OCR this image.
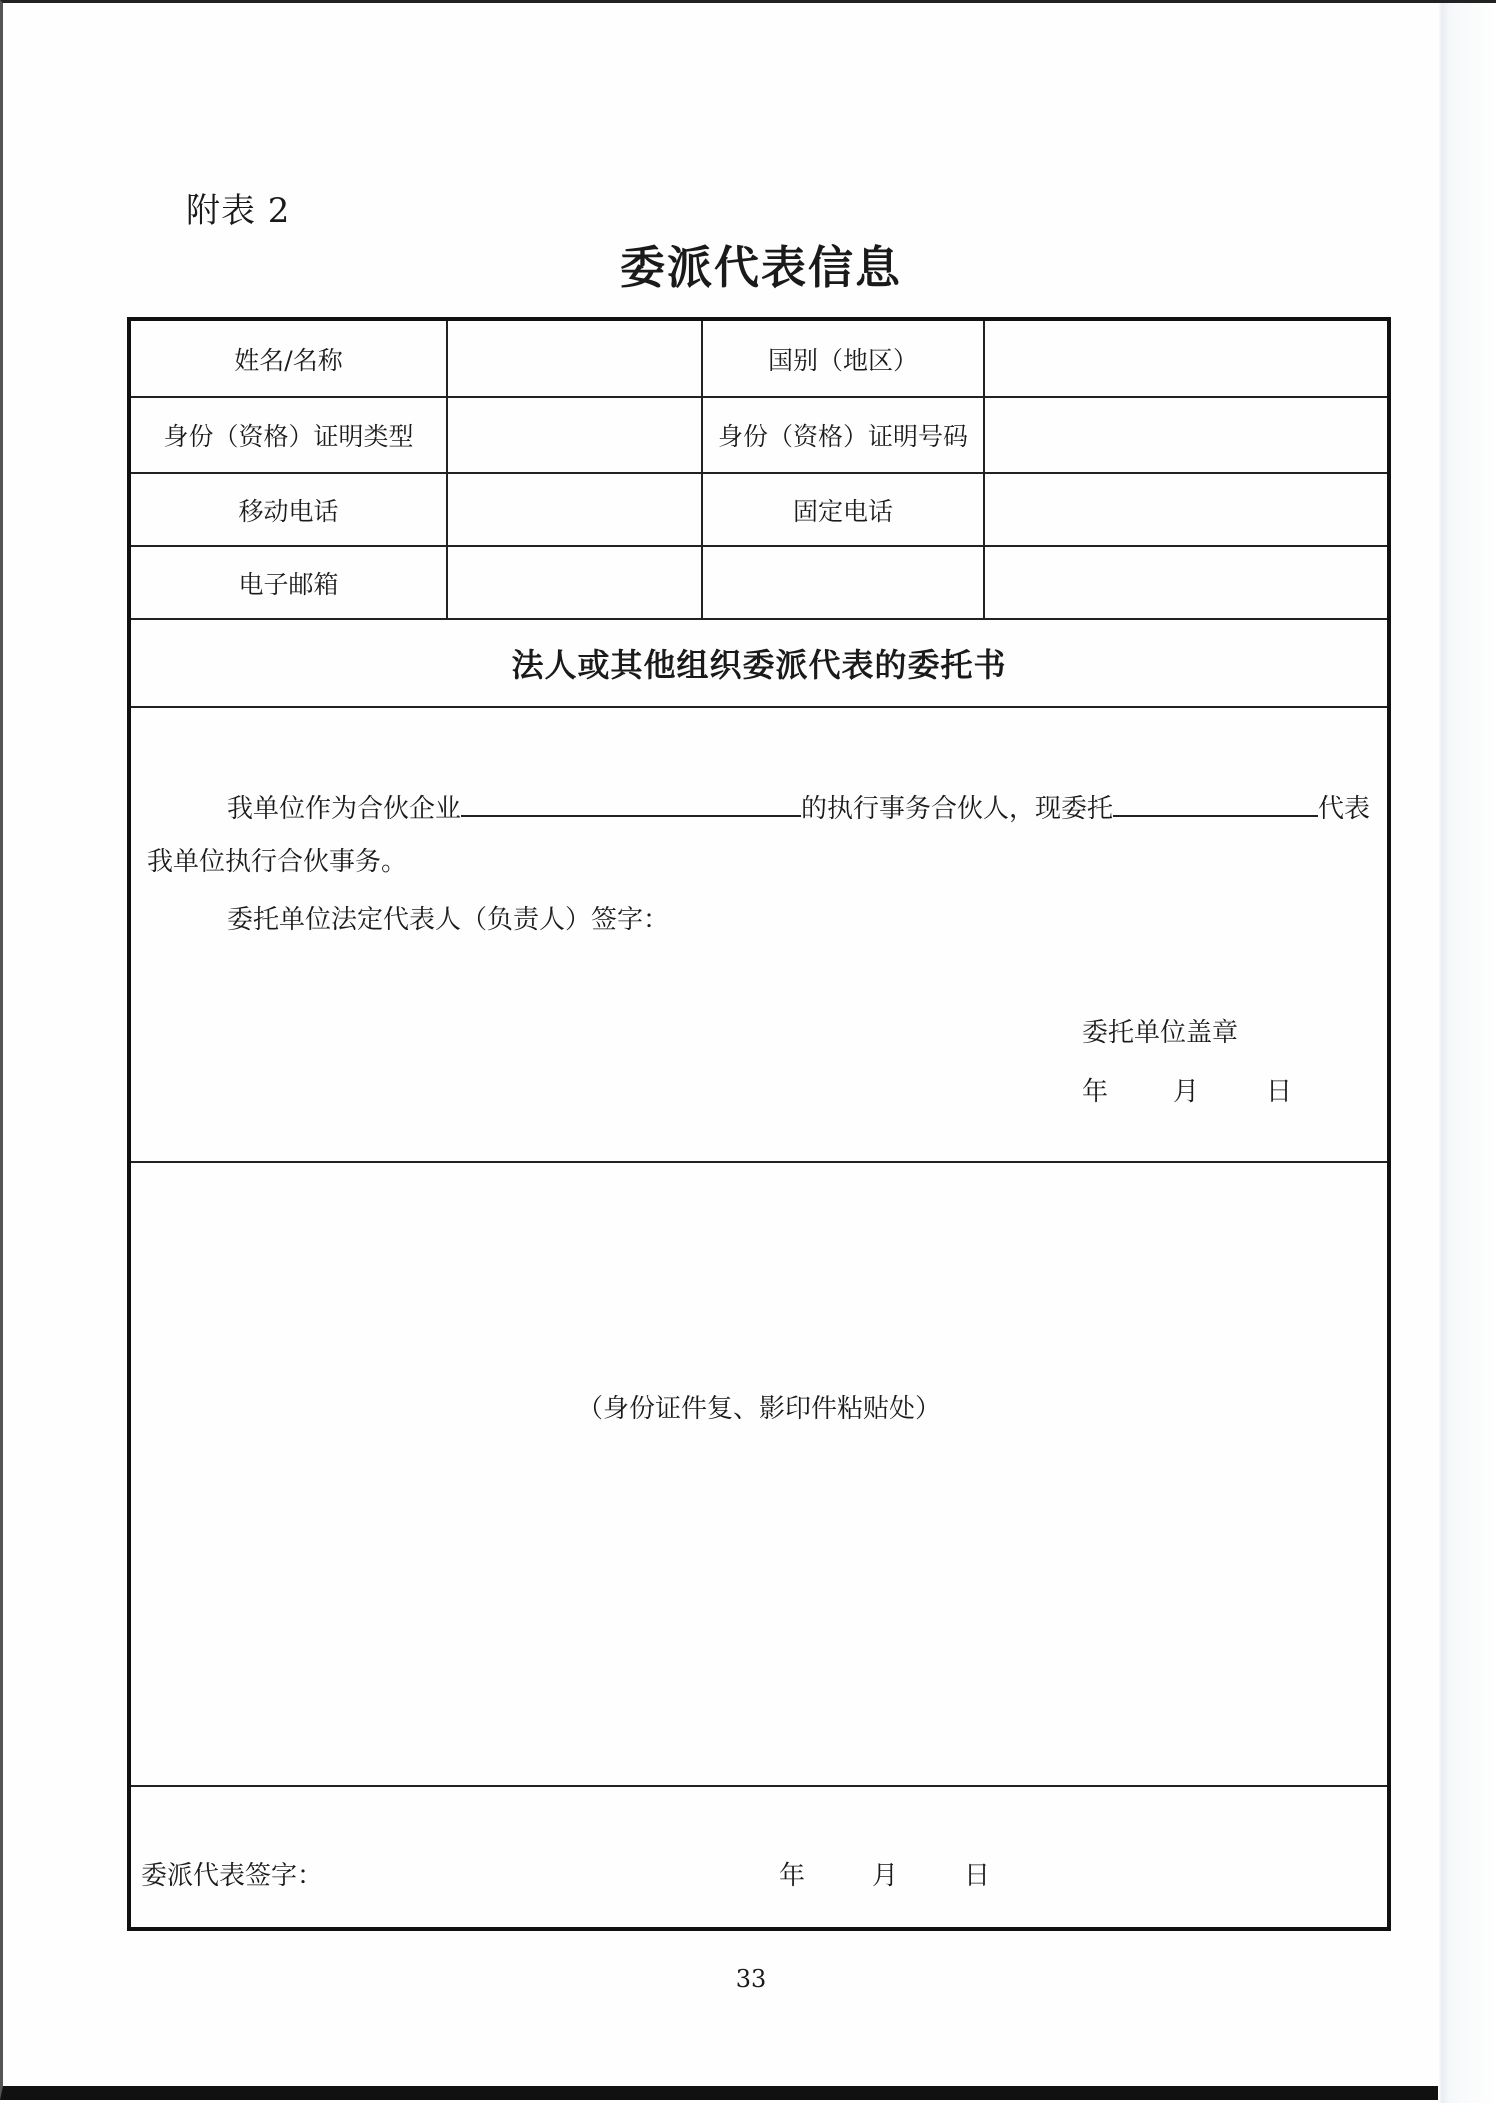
附表 2
委派代表信息
姓名/名称	国别（地区）
身份（资格）证明类型	身份（资格）证明号码
移动电话	固定电话
电子邮箱
法人或其他组织委派代表的委托书
我单位作为合伙企业	的执行事务合伙人，现委托	代表
我单位执行合伙事务。
委托单位法定代表人（负责人）签字：
委托单位盖章
年 月	日
（身份证件复、影印件粘贴处）
委派代表签字：	年	月	日
33
